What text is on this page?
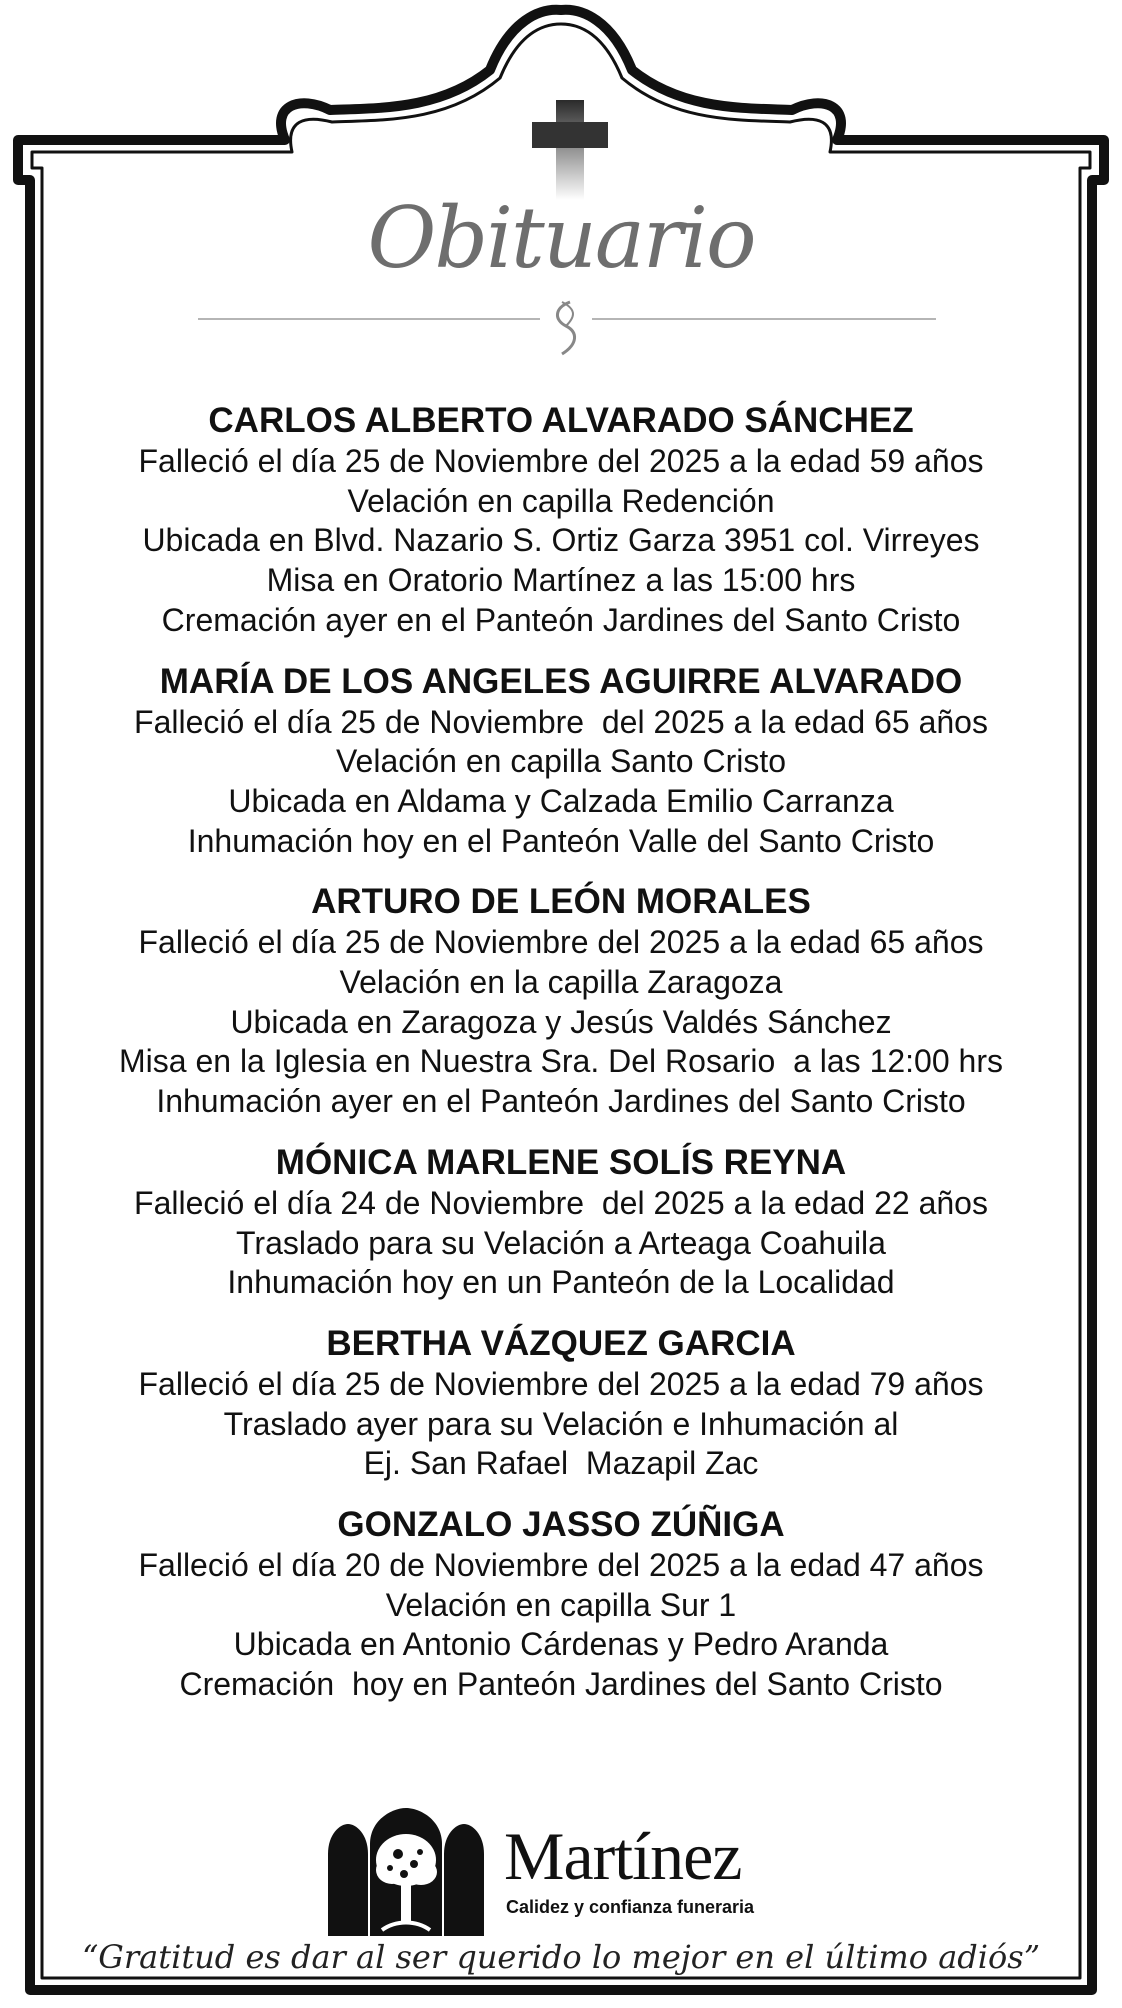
Obituario
CARLOS ALBERTO ALVARADO SÁNCHEZ
Falleció el día 25 de Noviembre del 2025 a la edad 59 años
Velación en capilla Redención
Ubicada en Blvd. Nazario S. Ortiz Garza 3951 col. Virreyes
Misa en Oratorio Martínez a las 15:00 hrs
Cremación ayer en el Panteón Jardines del Santo Cristo
MARÍA DE LOS ANGELES AGUIRRE ALVARADO
Falleció el día 25 de Noviembre  del 2025 a la edad 65 años
Velación en capilla Santo Cristo
Ubicada en Aldama y Calzada Emilio Carranza
Inhumación hoy en el Panteón Valle del Santo Cristo
ARTURO DE LEÓN MORALES
Falleció el día 25 de Noviembre del 2025 a la edad 65 años
Velación en la capilla Zaragoza
Ubicada en Zaragoza y Jesús Valdés Sánchez
Misa en la Iglesia en Nuestra Sra. Del Rosario  a las 12:00 hrs
Inhumación ayer en el Panteón Jardines del Santo Cristo
MÓNICA MARLENE SOLÍS REYNA
Falleció el día 24 de Noviembre  del 2025 a la edad 22 años
Traslado para su Velación a Arteaga Coahuila
Inhumación hoy en un Panteón de la Localidad
BERTHA VÁZQUEZ GARCIA
Falleció el día 25 de Noviembre del 2025 a la edad 79 años
Traslado ayer para su Velación e Inhumación al
Ej. San Rafael  Mazapil Zac
GONZALO JASSO ZÚÑIGA
Falleció el día 20 de Noviembre del 2025 a la edad 47 años
Velación en capilla Sur 1
Ubicada en Antonio Cárdenas y Pedro Aranda
Cremación  hoy en Panteón Jardines del Santo Cristo
Martínez
Calidez y confianza funeraria
“Gratitud es dar al ser querido lo mejor en el último adiós”
